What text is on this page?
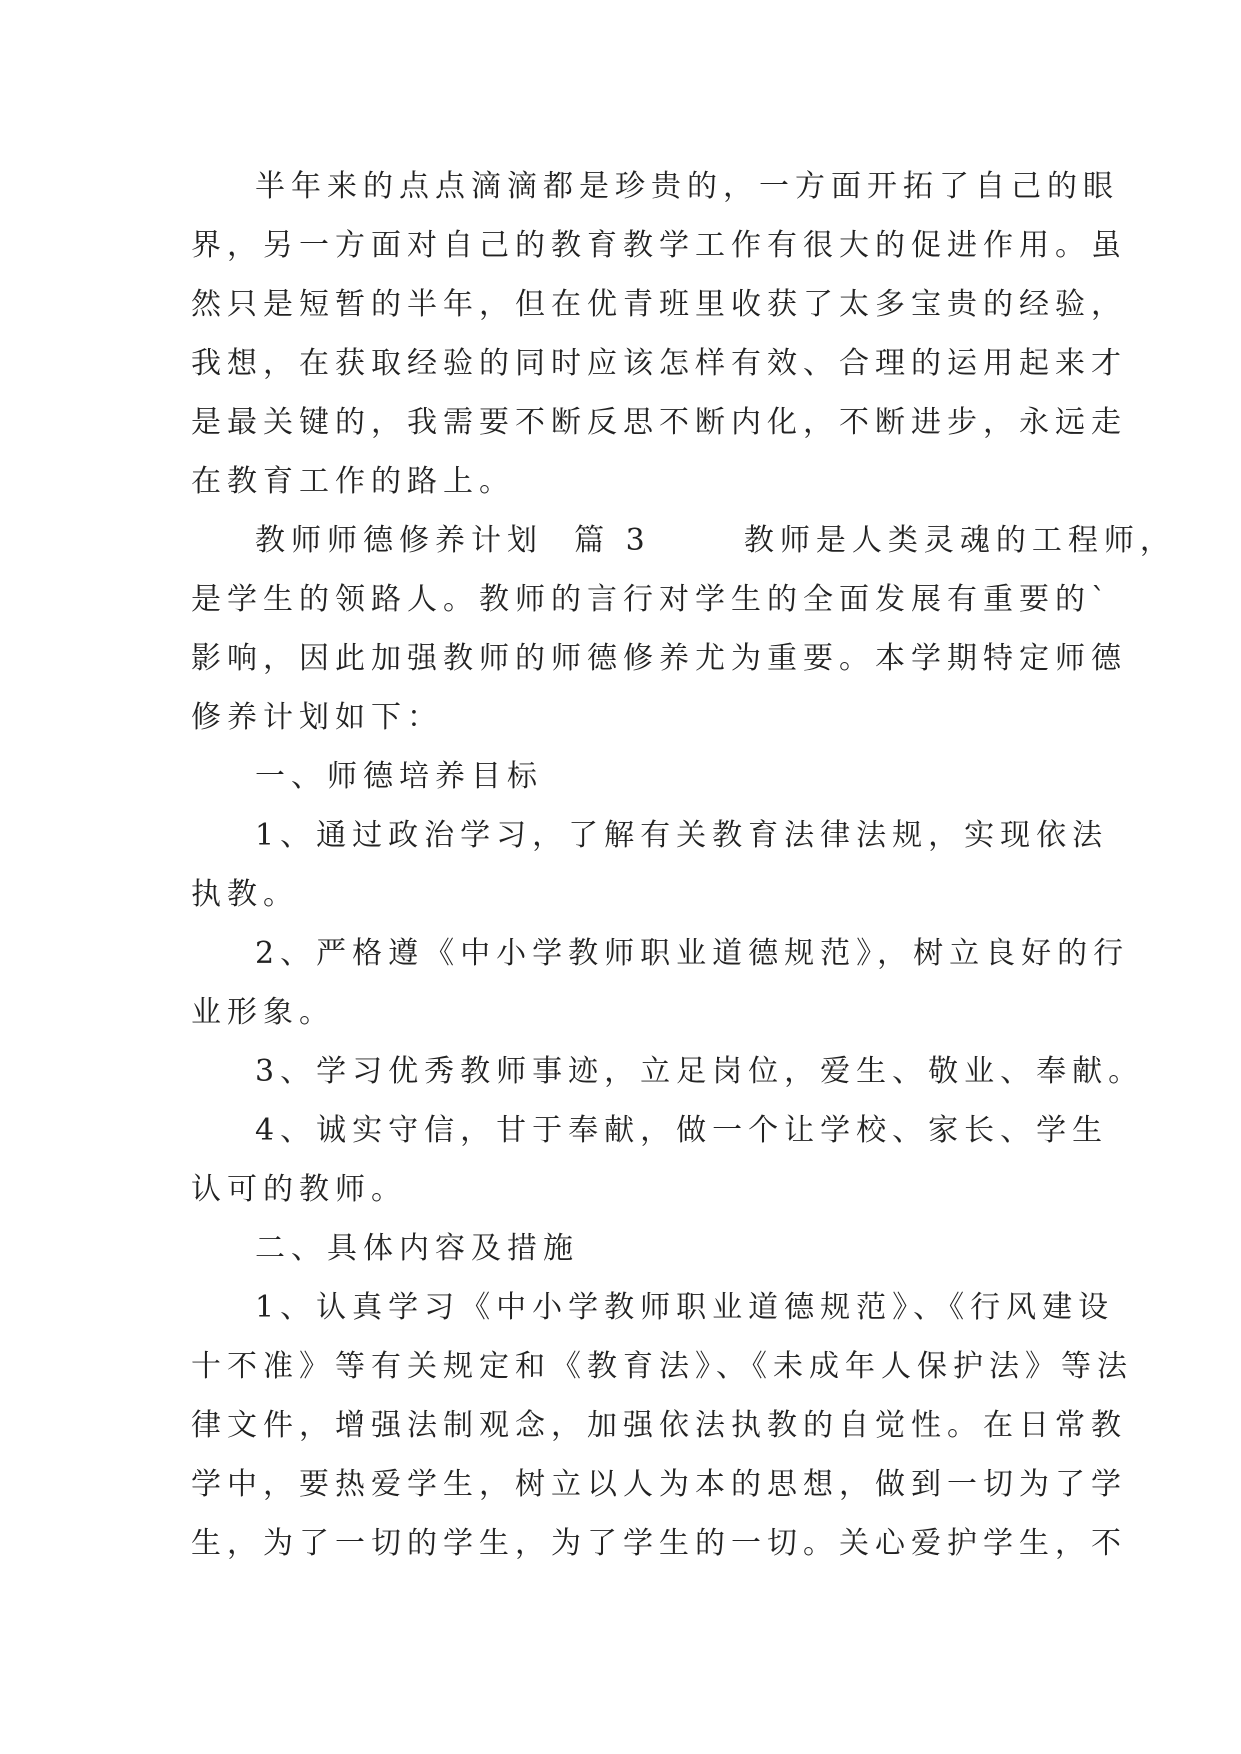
半年来的点点滴滴都是珍贵的，一方面开拓了自己的眼
界，另一方面对自己的教育教学工作有很大的促进作用。虽
然只是短暂的半年，但在优青班里收获了太多宝贵的经验，
我想，在获取经验的同时应该怎样有效、合理的运用起来才
是最关键的，我需要不断反思不断内化，不断进步，永远走
在教育工作的路上。
教师师德修养计划  篇 3      教师是人类灵魂的工程师，
是学生的领路人。教师的言行对学生的全面发展有重要的`
影响，因此加强教师的师德修养尤为重要。本学期特定师德
修养计划如下：
一、师德培养目标
1、通过政治学习，了解有关教育法律法规，实现依法
执教。
2、严格遵《中小学教师职业道德规范》，树立良好的行
业形象。
3、学习优秀教师事迹，立足岗位，爱生、敬业、奉献。
4、诚实守信，甘于奉献，做一个让学校、家长、学生
认可的教师。
二、具体内容及措施
1、认真学习《中小学教师职业道德规范》、《行风建设
十不准》等有关规定和《教育法》、《未成年人保护法》等法
律文件，增强法制观念，加强依法执教的自觉性。在日常教
学中，要热爱学生，树立以人为本的思想，做到一切为了学
生，为了一切的学生，为了学生的一切。关心爱护学生，不
